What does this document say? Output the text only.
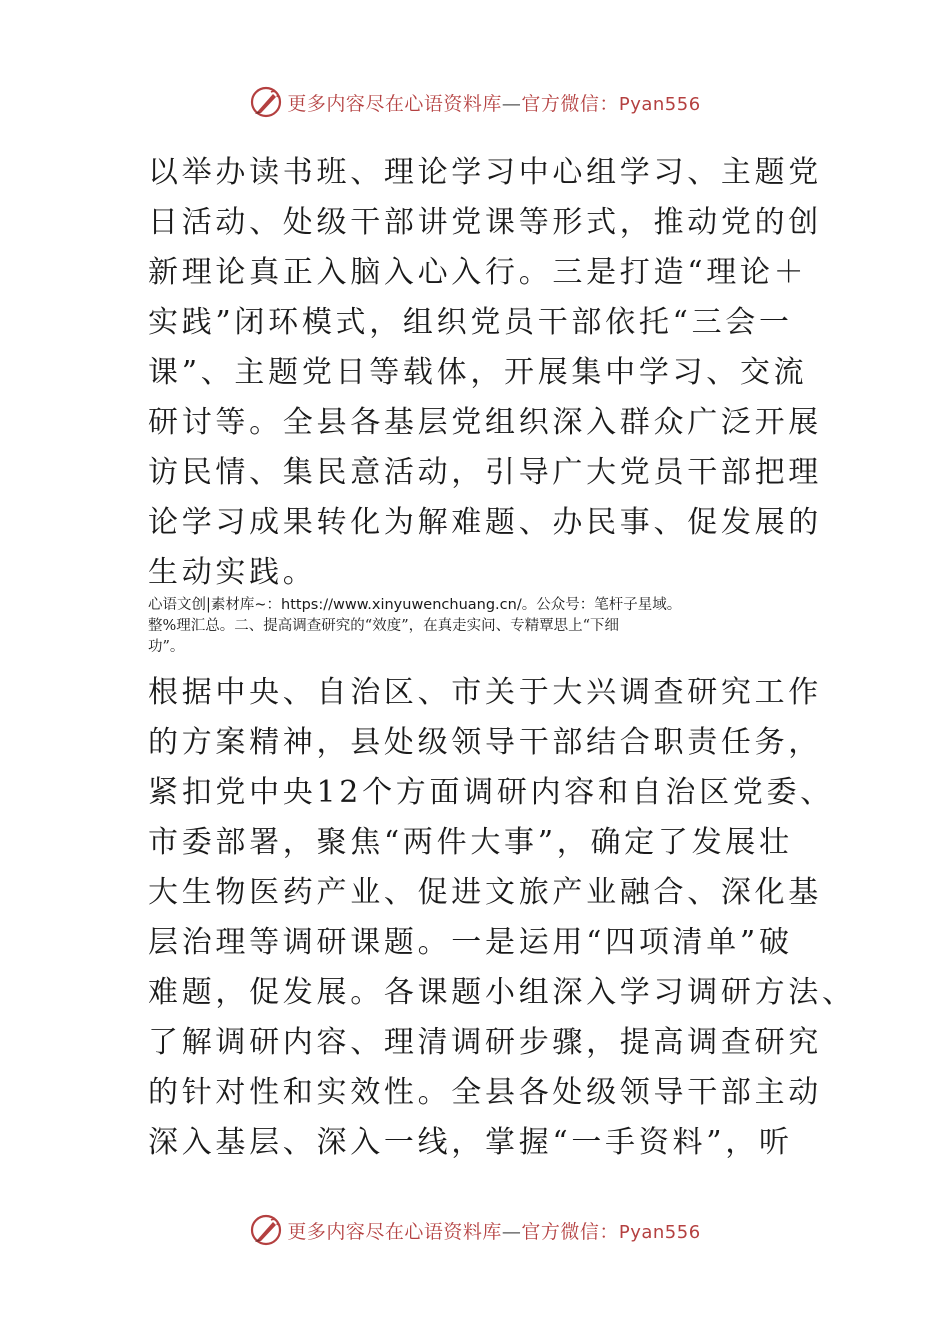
更多内容尽在心语资料库—官方微信：Pyan556
以举办读书班、理论学习中心组学习、主题党
日活动、处级干部讲党课等形式，推动党的创
新理论真正入脑入心入行。三是打造“理论＋
实践”闭环模式，组织党员干部依托“三会一
课”、主题党日等载体，开展集中学习、交流
研讨等。全县各基层党组织深入群众广泛开展
访民情、集民意活动，引导广大党员干部把理
论学习成果转化为解难题、办民事、促发展的
生动实践。
心语文创|素材库~：https://www.xinyuwenchuang.cn/。公众号：笔杆子星域。
整%理汇总。二、提高调查研究的“效度”，在真走实问、专精覃思上“下细
功”。
根据中央、自治区、市关于大兴调查研究工作
的方案精神，县处级领导干部结合职责任务，
紧扣党中央12个方面调研内容和自治区党委、
市委部署，聚焦“两件大事”，确定了发展壮
大生物医药产业、促进文旅产业融合、深化基
层治理等调研课题。一是运用“四项清单”破
难题，促发展。各课题小组深入学习调研方法、
了解调研内容、理清调研步骤，提高调查研究
的针对性和实效性。全县各处级领导干部主动
深入基层、深入一线，掌握“一手资料”，听
更多内容尽在心语资料库—官方微信：Pyan556
